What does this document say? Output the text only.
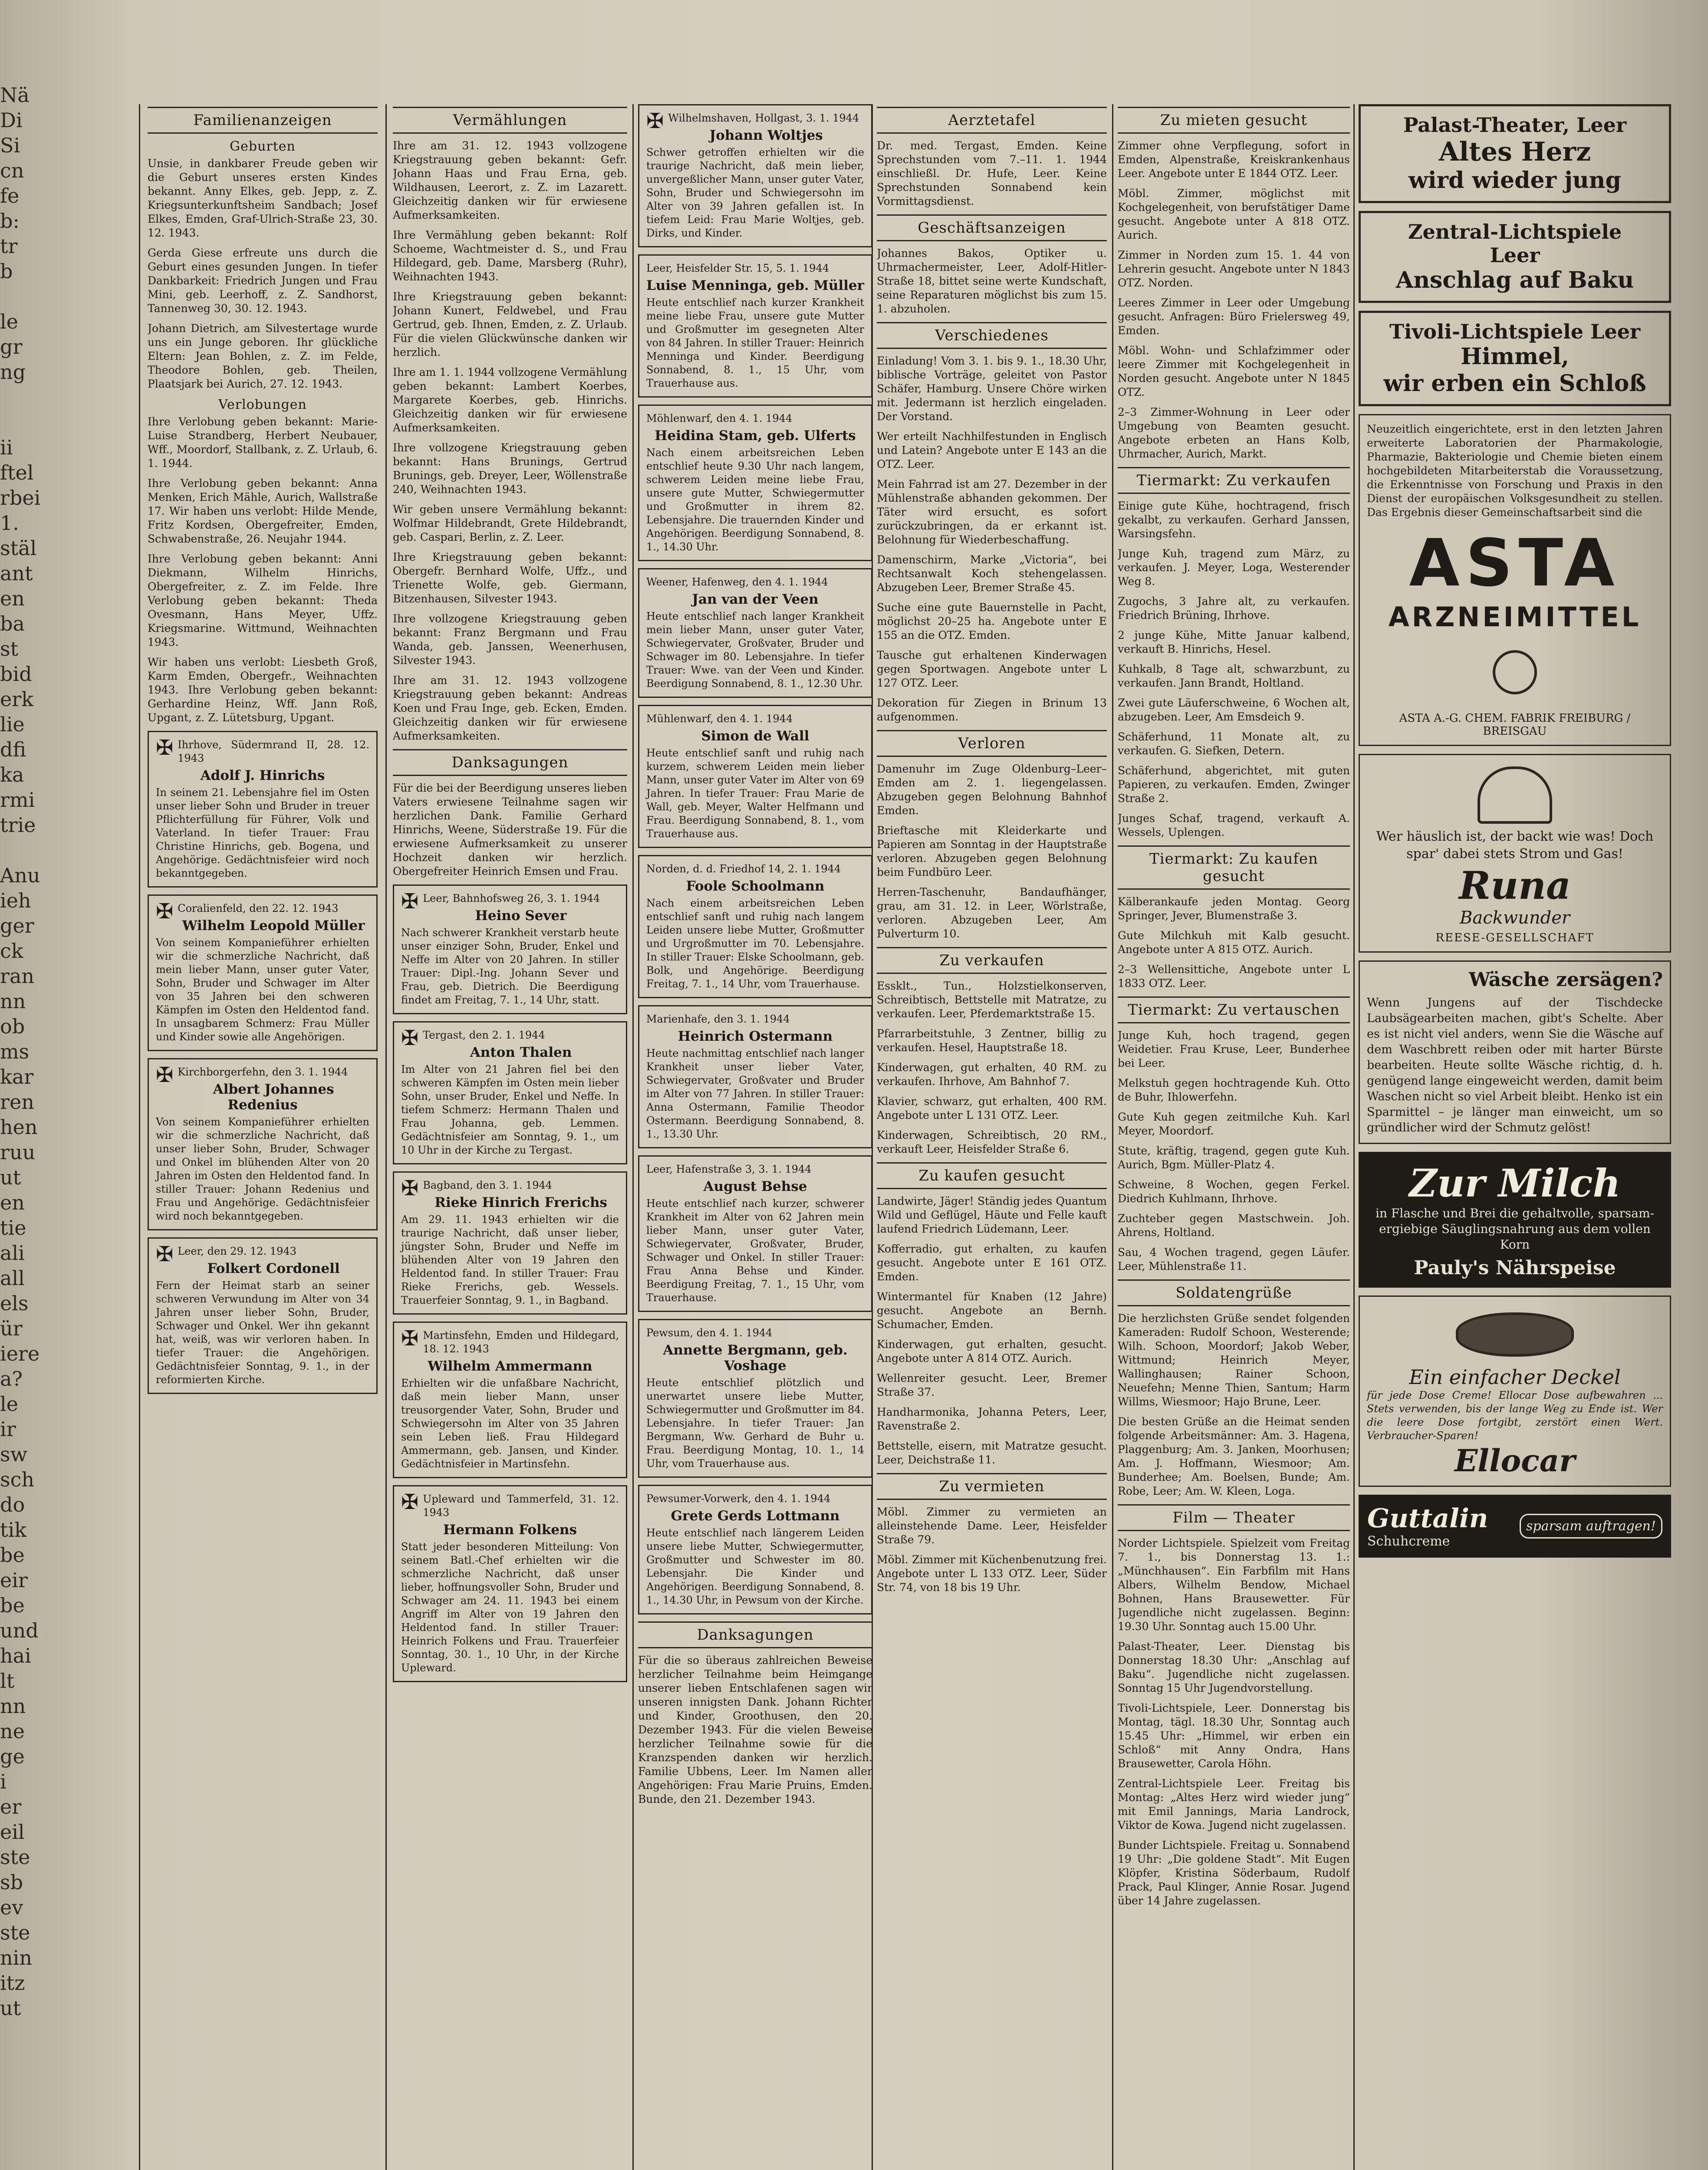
Nä
Di
Si
cn
fe
b:
tr
b

le
gr
ng

ii
ftel
rbei
1.
stäl
ant
en
ba
st
bid
erk
lie
dfi
ka
rmi
trie

Anu
ieh
ger
ck
ran
nn
ob
ms
kar
ren
hen
ruu
ut
en
tie
ali
all
els
ür
iere
a?
le
ir
sw
sch
do
tik
be
eir
be
und
hai
lt
nn
ne
ge
i
er
eil
ste
sb
ev
ste
nin
itz
ut
Familienanzeigen
Geburten

Unsie, in dankbarer Freude geben wir die Geburt unseres ersten Kindes bekannt. Anny Elkes, geb. Jepp, z. Z. Kriegsunterkunftsheim Sandbach; Josef Elkes, Emden, Graf-Ulrich-Straße 23, 30. 12. 1943.

Gerda Giese erfreute uns durch die Geburt eines gesunden Jungen. In tiefer Dankbarkeit: Friedrich Jungen und Frau Mini, geb. Leerhoff, z. Z. Sandhorst, Tannenweg 30, 30. 12. 1943.

Johann Dietrich, am Silvestertage wurde uns ein Junge geboren. Ihr glückliche Eltern: Jean Bohlen, z. Z. im Felde, Theodore Bohlen, geb. Theilen, Plaatsjark bei Aurich, 27. 12. 1943.

Verlobungen

Ihre Verlobung geben bekannt: Marie-Luise Strandberg, Herbert Neubauer, Wff., Moordorf, Stallbank, z. Z. Urlaub, 6. 1. 1944.

Ihre Verlobung geben bekannt: Anna Menken, Erich Mähle, Aurich, Wallstraße 17. Wir haben uns verlobt: Hilde Mende, Fritz Kordsen, Obergefreiter, Emden, Schwabenstraße, 26. Neujahr 1944.

Ihre Verlobung geben bekannt: Anni Diekmann, Wilhelm Hinrichs, Obergefreiter, z. Z. im Felde. Ihre Verlobung geben bekannt: Theda Ovesmann, Hans Meyer, Uffz. Kriegsmarine. Wittmund, Weihnachten 1943.

Wir haben uns verlobt: Liesbeth Groß, Karm Emden, Obergefr., Weihnachten 1943. Ihre Verlobung geben bekannt: Gerhardine Heinz, Wff. Jann Roß, Upgant, z. Z. Lütetsburg, Upgant.

✠ Ihrhove, Südermrand II, 28. 12. 1943
Adolf J. Hinrichs
In seinem 21. Lebensjahre fiel im Osten unser lieber Sohn und Bruder in treuer Pflichterfüllung für Führer, Volk und Vaterland. In tiefer Trauer: Frau Christine Hinrichs, geb. Bogena, und Angehörige. Gedächtnisfeier wird noch bekanntgegeben.
✠ Coralienfeld, den 22. 12. 1943
Wilhelm Leopold Müller
Von seinem Kompanieführer erhielten wir die schmerzliche Nachricht, daß mein lieber Mann, unser guter Vater, Sohn, Bruder und Schwager im Alter von 35 Jahren bei den schweren Kämpfen im Osten den Heldentod fand. In unsagbarem Schmerz: Frau Müller und Kinder sowie alle Angehörigen.
✠ Kirchborgerfehn, den 3. 1. 1944
Albert Johannes Redenius
Von seinem Kompanieführer erhielten wir die schmerzliche Nachricht, daß unser lieber Sohn, Bruder, Schwager und Onkel im blühenden Alter von 20 Jahren im Osten den Heldentod fand. In stiller Trauer: Johann Redenius und Frau und Angehörige. Gedächtnisfeier wird noch bekanntgegeben.
✠ Leer, den 29. 12. 1943
Folkert Cordonell
Fern der Heimat starb an seiner schweren Verwundung im Alter von 34 Jahren unser lieber Sohn, Bruder, Schwager und Onkel. Wer ihn gekannt hat, weiß, was wir verloren haben. In tiefer Trauer: die Angehörigen. Gedächtnisfeier Sonntag, 9. 1., in der reformierten Kirche.
Vermählungen

Ihre am 31. 12. 1943 vollzogene Kriegstrauung geben bekannt: Gefr. Johann Haas und Frau Erna, geb. Wildhausen, Leerort, z. Z. im Lazarett. Gleichzeitig danken wir für erwiesene Aufmerksamkeiten.

Ihre Vermählung geben bekannt: Rolf Schoeme, Wachtmeister d. S., und Frau Hildegard, geb. Dame, Marsberg (Ruhr), Weihnachten 1943.

Ihre Kriegstrauung geben bekannt: Johann Kunert, Feldwebel, und Frau Gertrud, geb. Ihnen, Emden, z. Z. Urlaub. Für die vielen Glückwünsche danken wir herzlich.

Ihre am 1. 1. 1944 vollzogene Vermählung geben bekannt: Lambert Koerbes, Margarete Koerbes, geb. Hinrichs. Gleichzeitig danken wir für erwiesene Aufmerksamkeiten.

Ihre vollzogene Kriegstrauung geben bekannt: Hans Brunings, Gertrud Brunings, geb. Dreyer, Leer, Wöllenstraße 240, Weihnachten 1943.

Wir geben unsere Vermählung bekannt: Wolfmar Hildebrandt, Grete Hildebrandt, geb. Caspari, Berlin, z. Z. Leer.

Ihre Kriegstrauung geben bekannt: Obergefr. Bernhard Wolfe, Uffz., und Trienette Wolfe, geb. Giermann, Bitzenhausen, Silvester 1943.

Ihre vollzogene Kriegstrauung geben bekannt: Franz Bergmann und Frau Wanda, geb. Janssen, Weenerhusen, Silvester 1943.

Ihre am 31. 12. 1943 vollzogene Kriegstrauung geben bekannt: Andreas Koen und Frau Inge, geb. Ecken, Emden. Gleichzeitig danken wir für erwiesene Aufmerksamkeiten.

Danksagungen

Für die bei der Beerdigung unseres lieben Vaters erwiesene Teilnahme sagen wir herzlichen Dank. Familie Gerhard Hinrichs, Weene, Süderstraße 19. Für die erwiesene Aufmerksamkeit zu unserer Hochzeit danken wir herzlich. Obergefreiter Heinrich Emsen und Frau.

✠ Leer, Bahnhofsweg 26, 3. 1. 1944
Heino Sever
Nach schwerer Krankheit verstarb heute unser einziger Sohn, Bruder, Enkel und Neffe im Alter von 20 Jahren. In stiller Trauer: Dipl.-Ing. Johann Sever und Frau, geb. Dietrich. Die Beerdigung findet am Freitag, 7. 1., 14 Uhr, statt.
✠ Tergast, den 2. 1. 1944
Anton Thalen
Im Alter von 21 Jahren fiel bei den schweren Kämpfen im Osten mein lieber Sohn, unser Bruder, Enkel und Neffe. In tiefem Schmerz: Hermann Thalen und Frau Johanna, geb. Lemmen. Gedächtnisfeier am Sonntag, 9. 1., um 10 Uhr in der Kirche zu Tergast.
✠ Bagband, den 3. 1. 1944
Rieke Hinrich Frerichs
Am 29. 11. 1943 erhielten wir die traurige Nachricht, daß unser lieber, jüngster Sohn, Bruder und Neffe im blühenden Alter von 19 Jahren den Heldentod fand. In stiller Trauer: Frau Rieke Frerichs, geb. Wessels. Trauerfeier Sonntag, 9. 1., in Bagband.
✠ Martinsfehn, Emden und Hildegard, 18. 12. 1943
Wilhelm Ammermann
Erhielten wir die unfaßbare Nachricht, daß mein lieber Mann, unser treusorgender Vater, Sohn, Bruder und Schwiegersohn im Alter von 35 Jahren sein Leben ließ. Frau Hildegard Ammermann, geb. Jansen, und Kinder. Gedächtnisfeier in Martinsfehn.
✠ Upleward und Tammerfeld, 31. 12. 1943
Hermann Folkens
Statt jeder besonderen Mitteilung: Von seinem Batl.-Chef erhielten wir die schmerzliche Nachricht, daß unser lieber, hoffnungsvoller Sohn, Bruder und Schwager am 24. 11. 1943 bei einem Angriff im Alter von 19 Jahren den Heldentod fand. In stiller Trauer: Heinrich Folkens und Frau. Trauerfeier Sonntag, 30. 1., 10 Uhr, in der Kirche Upleward.
✠ Wilhelmshaven, Hollgast, 3. 1. 1944
Johann Woltjes
Schwer getroffen erhielten wir die traurige Nachricht, daß mein lieber, unvergeßlicher Mann, unser guter Vater, Sohn, Bruder und Schwiegersohn im Alter von 39 Jahren gefallen ist. In tiefem Leid: Frau Marie Woltjes, geb. Dirks, und Kinder.
Leer, Heisfelder Str. 15, 5. 1. 1944
Luise Menninga, geb. Müller
Heute entschlief nach kurzer Krankheit meine liebe Frau, unsere gute Mutter und Großmutter im gesegneten Alter von 84 Jahren. In stiller Trauer: Heinrich Menninga und Kinder. Beerdigung Sonnabend, 8. 1., 15 Uhr, vom Trauerhause aus.
Möhlenwarf, den 4. 1. 1944
Heidina Stam, geb. Ulferts
Nach einem arbeitsreichen Leben entschlief heute 9.30 Uhr nach langem, schwerem Leiden meine liebe Frau, unsere gute Mutter, Schwiegermutter und Großmutter in ihrem 82. Lebensjahre. Die trauernden Kinder und Angehörigen. Beerdigung Sonnabend, 8. 1., 14.30 Uhr.
Weener, Hafenweg, den 4. 1. 1944
Jan van der Veen
Heute entschlief nach langer Krankheit mein lieber Mann, unser guter Vater, Schwiegervater, Großvater, Bruder und Schwager im 80. Lebensjahre. In tiefer Trauer: Wwe. van der Veen und Kinder. Beerdigung Sonnabend, 8. 1., 12.30 Uhr.
Mühlenwarf, den 4. 1. 1944
Simon de Wall
Heute entschlief sanft und ruhig nach kurzem, schwerem Leiden mein lieber Mann, unser guter Vater im Alter von 69 Jahren. In tiefer Trauer: Frau Marie de Wall, geb. Meyer, Walter Helfmann und Frau. Beerdigung Sonnabend, 8. 1., vom Trauerhause aus.
Norden, d. d. Friedhof 14, 2. 1. 1944
Foole Schoolmann
Nach einem arbeitsreichen Leben entschlief sanft und ruhig nach langem Leiden unsere liebe Mutter, Großmutter und Urgroßmutter im 70. Lebensjahre. In stiller Trauer: Elske Schoolmann, geb. Bolk, und Angehörige. Beerdigung Freitag, 7. 1., 14 Uhr, vom Trauerhause.
Marienhafe, den 3. 1. 1944
Heinrich Ostermann
Heute nachmittag entschlief nach langer Krankheit unser lieber Vater, Schwiegervater, Großvater und Bruder im Alter von 77 Jahren. In stiller Trauer: Anna Ostermann, Familie Theodor Ostermann. Beerdigung Sonnabend, 8. 1., 13.30 Uhr.
Leer, Hafenstraße 3, 3. 1. 1944
August Behse
Heute entschlief nach kurzer, schwerer Krankheit im Alter von 62 Jahren mein lieber Mann, unser guter Vater, Schwiegervater, Großvater, Bruder, Schwager und Onkel. In stiller Trauer: Frau Anna Behse und Kinder. Beerdigung Freitag, 7. 1., 15 Uhr, vom Trauerhause.
Pewsum, den 4. 1. 1944
Annette Bergmann, geb. Voshage
Heute entschlief plötzlich und unerwartet unsere liebe Mutter, Schwiegermutter und Großmutter im 84. Lebensjahre. In tiefer Trauer: Jan Bergmann, Ww. Gerhard de Buhr u. Frau. Beerdigung Montag, 10. 1., 14 Uhr, vom Trauerhause aus.
Pewsumer-Vorwerk, den 4. 1. 1944
Grete Gerds Lottmann
Heute entschlief nach längerem Leiden unsere liebe Mutter, Schwiegermutter, Großmutter und Schwester im 80. Lebensjahr. Die Kinder und Angehörigen. Beerdigung Sonnabend, 8. 1., 14.30 Uhr, in Pewsum von der Kirche.
Danksagungen

Für die so überaus zahlreichen Beweise herzlicher Teilnahme beim Heimgange unserer lieben Entschlafenen sagen wir unseren innigsten Dank. Johann Richter und Kinder, Groothusen, den 20. Dezember 1943. Für die vielen Beweise herzlicher Teilnahme sowie für die Kranzspenden danken wir herzlich. Familie Ubbens, Leer. Im Namen aller Angehörigen: Frau Marie Pruins, Emden. Bunde, den 21. Dezember 1943.

Aerztetafel

Dr. med. Tergast, Emden. Keine Sprechstunden vom 7.–11. 1. 1944 einschließl. Dr. Hufe, Leer. Keine Sprechstunden Sonnabend kein Vormittagsdienst.

Geschäftsanzeigen

Johannes Bakos, Optiker u. Uhrmachermeister, Leer, Adolf-Hitler-Straße 18, bittet seine werte Kundschaft, seine Reparaturen möglichst bis zum 15. 1. abzuholen.

Verschiedenes

Einladung! Vom 3. 1. bis 9. 1., 18.30 Uhr, biblische Vorträge, geleitet von Pastor Schäfer, Hamburg. Unsere Chöre wirken mit. Jedermann ist herzlich eingeladen. Der Vorstand.

Wer erteilt Nachhilfestunden in Englisch und Latein? Angebote unter E 143 an die OTZ. Leer.

Mein Fahrrad ist am 27. Dezember in der Mühlenstraße abhanden gekommen. Der Täter wird ersucht, es sofort zurückzubringen, da er erkannt ist. Belohnung für Wiederbeschaffung.

Damenschirm, Marke „Victoria“, bei Rechtsanwalt Koch stehengelassen. Abzugeben Leer, Bremer Straße 45.

Suche eine gute Bauernstelle in Pacht, möglichst 20–25 ha. Angebote unter E 155 an die OTZ. Emden.

Tausche gut erhaltenen Kinderwagen gegen Sportwagen. Angebote unter L 127 OTZ. Leer.

Dekoration für Ziegen in Brinum 13 aufgenommen.

Verloren

Damenuhr im Zuge Oldenburg–Leer–Emden am 2. 1. liegengelassen. Abzugeben gegen Belohnung Bahnhof Emden.

Brieftasche mit Kleiderkarte und Papieren am Sonntag in der Hauptstraße verloren. Abzugeben gegen Belohnung beim Fundbüro Leer.

Herren-Taschenuhr, Bandaufhänger, grau, am 31. 12. in Leer, Wörlstraße, verloren. Abzugeben Leer, Am Pulverturm 10.

Zu verkaufen

Essklt., Tun., Holzstielkonserven, Schreibtisch, Bettstelle mit Matratze, zu verkaufen. Leer, Pferdemarktstraße 15.

Pfarrarbeitstuhle, 3 Zentner, billig zu verkaufen. Hesel, Hauptstraße 18.

Kinderwagen, gut erhalten, 40 RM. zu verkaufen. Ihrhove, Am Bahnhof 7.

Klavier, schwarz, gut erhalten, 400 RM. Angebote unter L 131 OTZ. Leer.

Kinderwagen, Schreibtisch, 20 RM., verkauft Leer, Heisfelder Straße 6.

Zu kaufen gesucht

Landwirte, Jäger! Ständig jedes Quantum Wild und Geflügel, Häute und Felle kauft laufend Friedrich Lüdemann, Leer.

Kofferradio, gut erhalten, zu kaufen gesucht. Angebote unter E 161 OTZ. Emden.

Wintermantel für Knaben (12 Jahre) gesucht. Angebote an Bernh. Schumacher, Emden.

Kinderwagen, gut erhalten, gesucht. Angebote unter A 814 OTZ. Aurich.

Wellenreiter gesucht. Leer, Bremer Straße 37.

Handharmonika, Johanna Peters, Leer, Ravenstraße 2.

Bettstelle, eisern, mit Matratze gesucht. Leer, Deichstraße 11.

Zu vermieten

Möbl. Zimmer zu vermieten an alleinstehende Dame. Leer, Heisfelder Straße 79.

Möbl. Zimmer mit Küchenbenutzung frei. Angebote unter L 133 OTZ. Leer, Süder Str. 74, von 18 bis 19 Uhr.

Zu mieten gesucht

Zimmer ohne Verpflegung, sofort in Emden, Alpenstraße, Kreiskrankenhaus Leer. Angebote unter E 1844 OTZ. Leer.

Möbl. Zimmer, möglichst mit Kochgelegenheit, von berufstätiger Dame gesucht. Angebote unter A 818 OTZ. Aurich.

Zimmer in Norden zum 15. 1. 44 von Lehrerin gesucht. Angebote unter N 1843 OTZ. Norden.

Leeres Zimmer in Leer oder Umgebung gesucht. Anfragen: Büro Frielersweg 49, Emden.

Möbl. Wohn- und Schlafzimmer oder leere Zimmer mit Kochgelegenheit in Norden gesucht. Angebote unter N 1845 OTZ.

2–3 Zimmer-Wohnung in Leer oder Umgebung von Beamten gesucht. Angebote erbeten an Hans Kolb, Uhrmacher, Aurich, Markt.

Tiermarkt: Zu verkaufen

Einige gute Kühe, hochtragend, frisch gekalbt, zu verkaufen. Gerhard Janssen, Warsingsfehn.

Junge Kuh, tragend zum März, zu verkaufen. J. Meyer, Loga, Westerender Weg 8.

Zugochs, 3 Jahre alt, zu verkaufen. Friedrich Brüning, Ihrhove.

2 junge Kühe, Mitte Januar kalbend, verkauft B. Hinrichs, Hesel.

Kuhkalb, 8 Tage alt, schwarzbunt, zu verkaufen. Jann Brandt, Holtland.

Zwei gute Läuferschweine, 6 Wochen alt, abzugeben. Leer, Am Emsdeich 9.

Schäferhund, 11 Monate alt, zu verkaufen. G. Siefken, Detern.

Schäferhund, abgerichtet, mit guten Papieren, zu verkaufen. Emden, Zwinger Straße 2.

Junges Schaf, tragend, verkauft A. Wessels, Uplengen.

Tiermarkt: Zu kaufen gesucht

Kälberankaufe jeden Montag. Georg Springer, Jever, Blumenstraße 3.

Gute Milchkuh mit Kalb gesucht. Angebote unter A 815 OTZ. Aurich.

2–3 Wellensittiche, Angebote unter L 1833 OTZ. Leer.

Tiermarkt: Zu vertauschen

Junge Kuh, hoch tragend, gegen Weidetier. Frau Kruse, Leer, Bunderhee bei Leer.

Melkstuh gegen hochtragende Kuh. Otto de Buhr, Ihlowerfehn.

Gute Kuh gegen zeitmilche Kuh. Karl Meyer, Moordorf.

Stute, kräftig, tragend, gegen gute Kuh. Aurich, Bgm. Müller-Platz 4.

Schweine, 8 Wochen, gegen Ferkel. Diedrich Kuhlmann, Ihrhove.

Zuchteber gegen Mastschwein. Joh. Ahrens, Holtland.

Sau, 4 Wochen tragend, gegen Läufer. Leer, Mühlenstraße 11.

Soldatengrüße

Die herzlichsten Grüße sendet folgenden Kameraden: Rudolf Schoon, Westerende; Wilh. Schoon, Moordorf; Jakob Weber, Wittmund; Heinrich Meyer, Wallinghausen; Rainer Schoon, Neuefehn; Menne Thien, Santum; Harm Willms, Wiesmoor; Hajo Brune, Leer.

Die besten Grüße an die Heimat senden folgende Arbeitsmänner: Am. 3. Hagena, Plaggenburg; Am. 3. Janken, Moorhusen; Am. J. Hoffmann, Wiesmoor; Am. Bunderhee; Am. Boelsen, Bunde; Am. Robe, Leer; Am. W. Kleen, Loga.

Film — Theater

Norder Lichtspiele. Spielzeit vom Freitag 7. 1., bis Donnerstag 13. 1.: „Münchhausen“. Ein Farbfilm mit Hans Albers, Wilhelm Bendow, Michael Bohnen, Hans Brausewetter. Für Jugendliche nicht zugelassen. Beginn: 19.30 Uhr. Sonntag auch 15.00 Uhr.

Palast-Theater, Leer. Dienstag bis Donnerstag 18.30 Uhr: „Anschlag auf Baku“. Jugendliche nicht zugelassen. Sonntag 15 Uhr Jugendvorstellung.

Tivoli-Lichtspiele, Leer. Donnerstag bis Montag, tägl. 18.30 Uhr, Sonntag auch 15.45 Uhr: „Himmel, wir erben ein Schloß“ mit Anny Ondra, Hans Brausewetter, Carola Höhn.

Zentral-Lichtspiele Leer. Freitag bis Montag: „Altes Herz wird wieder jung“ mit Emil Jannings, Maria Landrock, Viktor de Kowa. Jugend nicht zugelassen.

Bunder Lichtspiele. Freitag u. Sonnabend 19 Uhr: „Die goldene Stadt“. Mit Eugen Klöpfer, Kristina Söderbaum, Rudolf Prack, Paul Klinger, Annie Rosar. Jugend über 14 Jahre zugelassen.

Palast-Theater, Leer
Altes Herz
wird wieder jung
Zentral-Lichtspiele
Leer
Anschlag auf Baku
Tivoli-Lichtspiele Leer
Himmel,
wir erben ein Schloß

Neuzeitlich eingerichtete, erst in den letzten Jahren erweiterte Laboratorien der Pharmakologie, Pharmazie, Bakteriologie und Chemie bieten einem hochgebildeten Mitarbeiterstab die Voraussetzung, die Erkenntnisse von Forschung und Praxis in den Dienst der europäischen Volksgesundheit zu stellen. Das Ergebnis dieser Gemeinschaftsarbeit sind die

ASTA
ARZNEIMITTEL
ASTA A.-G. CHEM. FABRIK FREIBURG / BREISGAU
Wer häuslich ist, der backt wie was! Doch spar' dabei stets Strom und Gas!
Runa
Backwunder
REESE-GESELLSCHAFT
Wäsche zersägen?
Wenn Jungens auf der Tischdecke Laubsägearbeiten machen, gibt's Schelte. Aber es ist nicht viel anders, wenn Sie die Wäsche auf dem Waschbrett reiben oder mit harter Bürste bearbeiten. Heute sollte Wäsche richtig, d. h. genügend lange eingeweicht werden, damit beim Waschen nicht so viel Arbeit bleibt. Henko ist ein Sparmittel – je länger man einweicht, um so gründlicher wird der Schmutz gelöst!
Zur Milch
in Flasche und Brei die gehaltvolle, sparsam-ergiebige Säuglingsnahrung aus dem vollen Korn
Pauly's Nährspeise
Ein einfacher Deckel
für jede Dose Creme! Ellocar Dose aufbewahren ... Stets verwenden, bis der lange Weg zu Ende ist. Wer die leere Dose fortgibt, zerstört einen Wert. Verbraucher-Sparen!
Ellocar
Guttalin
Schuhcreme
sparsam auftragen!
